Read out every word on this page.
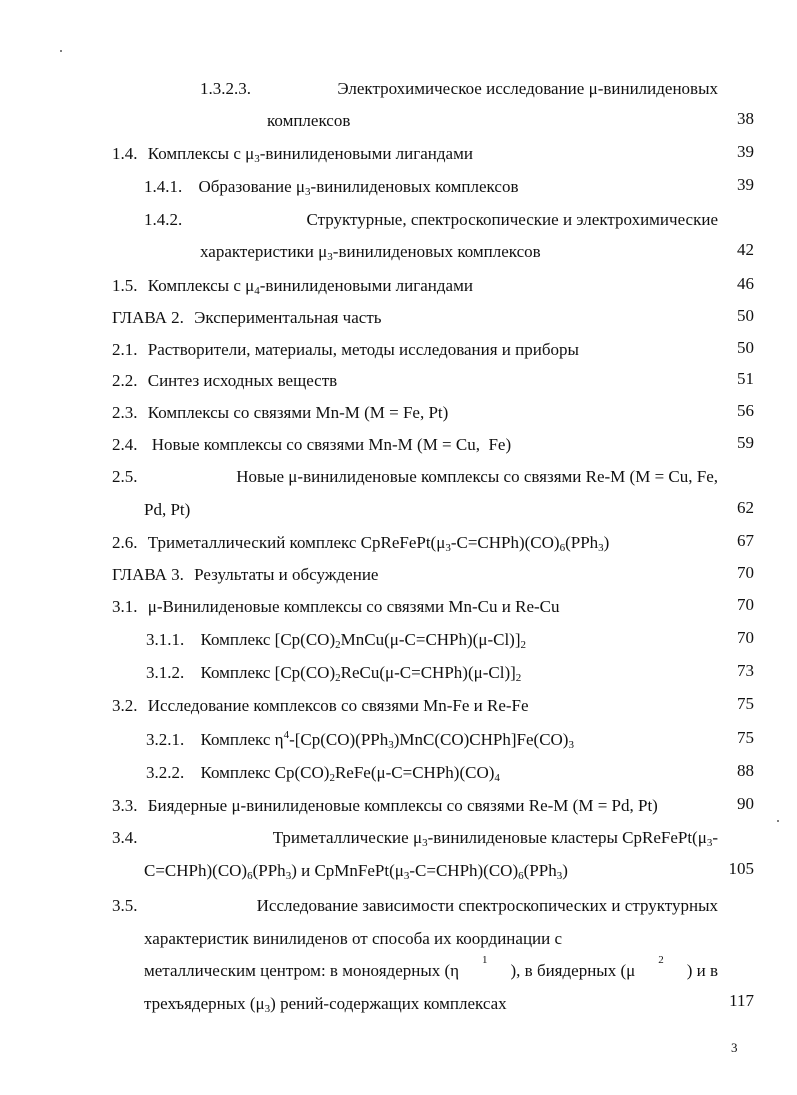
1.3.2.3.	Электрохимическое исследование μ-винилиденовых
комплексов	38
1.4. Комплексы с $\mu_3$-винилиденовыми лигандами	39
1.4.1. Образование $\mu_3$-винилиденовых комплексов	39
1.4.2.	Структурные, спектроскопические и электрохимические
характеристики $\mu_3$-винилиденовых комплексов	42
1.5. Комплексы с $\mu_4$-винилиденовыми лигандами	46
ГЛАВА 2. Экспериментальная часть	50
2.1. Растворители, материалы, методы исследования и приборы	50
2.2. Синтез исходных веществ	51
2.3. Комплексы со связями Mn-M (M = Fe, Pt)	56
2.4. Новые комплексы со связями Mn-M (M = Cu,  Fe)	59
2.5.	Новые μ-винилиденовые комплексы со связями Re-M (M = Cu, Fe,
Pd, Pt)	62
2.6. Триметаллический комплекс $CpReFePt(\mu_3-C=CHPh)(CO)_6(PPh_3)$	67
ГЛАВА 3. Результаты и обсуждение	70
3.1. μ-Винилиденовые комплексы со связями Mn-Cu и Re-Cu	70
3.1.1. Комплекс $[Cp(CO)_2MnCu(\mu-C=CHPh)(\mu-Cl)]_2$	70
3.1.2. Комплекс $[Cp(CO)_2ReCu(\mu-C=CHPh)(\mu-Cl)]_2$	73
3.2. Исследование комплексов со связями Mn-Fe и Re-Fe	75
3.2.1. Комплекс $\eta^4-[Cp(CO)(PPh_3)MnC(CO)CHPh]Fe(CO)_3$	75
3.2.2. Комплекс $Cp(CO)_2ReFe(\mu-C=CHPh)(CO)_4$	88
3.3. Биядерные μ-винилиденовые комплексы со связями Re-M (M = Pd, Pt)	90
3.4.	Триметаллические $\mu_3$-винилиденовые кластеры $CpReFePt(\mu_3-$
$C=CHPh)(CO)_6(PPh_3)$ и $CpMnFePt(\mu_3-C=CHPh)(CO)_6(PPh_3)$	105
3.5.	Исследование зависимости спектроскопических и структурных
характеристик винилиденов от способа их координации с
металлическим центром: в моноядерных (η
1
), в биядерных (μ
2
) и в
трехъядерных $(\mu_3)$ рений-содержащих комплексах	117
3
